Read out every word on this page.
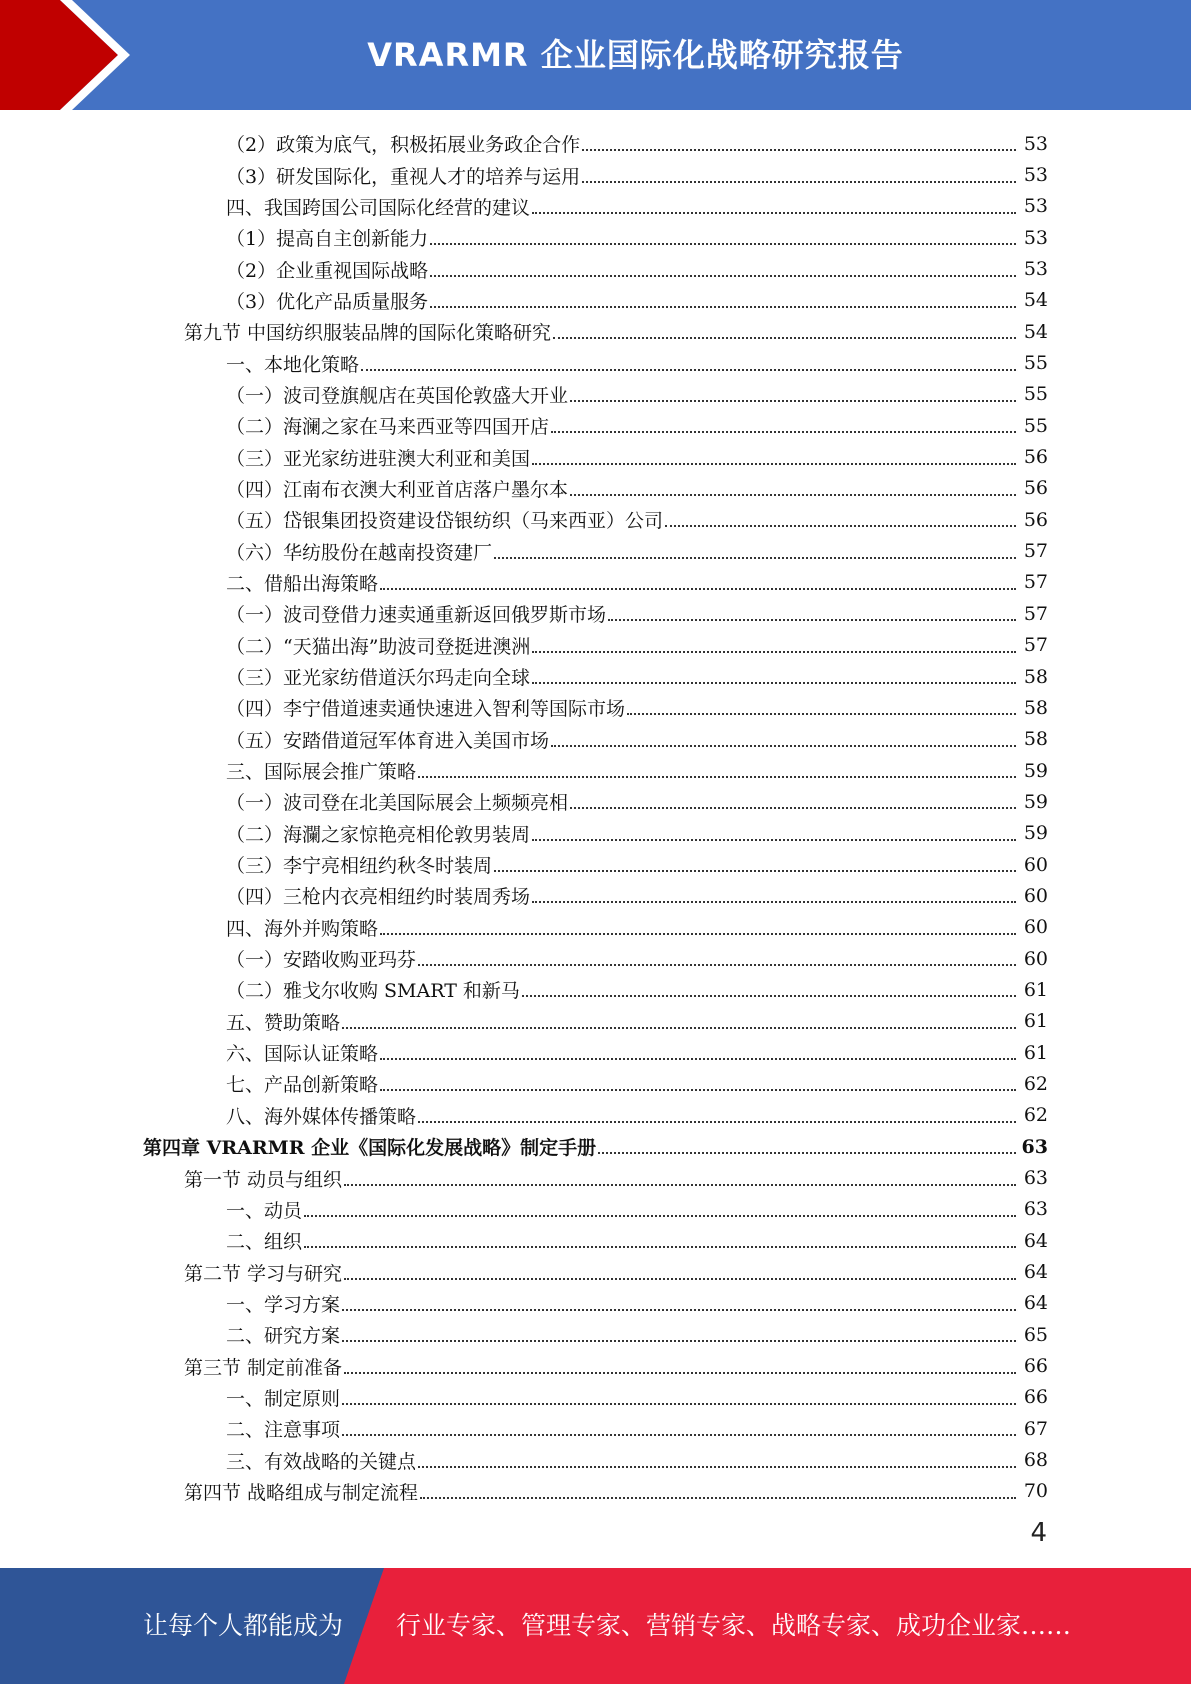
VRARMR 企业国际化战略研究报告
（2）政策为底气，积极拓展业务政企合作	53
（3）研发国际化，重视人才的培养与运用	53
四、我国跨国公司国际化经营的建议	53
（1）提高自主创新能力	53
（2）企业重视国际战略	53
（3）优化产品质量服务	54
第九节 中国纺织服装品牌的国际化策略研究	54
一、本地化策略	55
（一）波司登旗舰店在英国伦敦盛大开业	55
（二）海澜之家在马来西亚等四国开店	55
（三）亚光家纺进驻澳大利亚和美国	56
（四）江南布衣澳大利亚首店落户墨尔本	56
（五）岱银集团投资建设岱银纺织（马来西亚）公司	56
（六）华纺股份在越南投资建厂	57
二、借船出海策略	57
（一）波司登借力速卖通重新返回俄罗斯市场	57
（二）“天猫出海”助波司登挺进澳洲	57
（三）亚光家纺借道沃尔玛走向全球	58
（四）李宁借道速卖通快速进入智利等国际市场	58
（五）安踏借道冠军体育进入美国市场	58
三、国际展会推广策略	59
（一）波司登在北美国际展会上频频亮相	59
（二）海瀾之家惊艳亮相伦敦男装周	59
（三）李宁亮相纽约秋冬时装周	60
（四）三枪内衣亮相纽约时装周秀场	60
四、海外并购策略	60
（一）安踏收购亚玛芬	60
（二）雅戈尔收购 SMART 和新马	61
五、赞助策略	61
六、国际认证策略	61
七、产品创新策略	62
八、海外媒体传播策略	62
第四章 VRARMR 企业《国际化发展战略》制定手册	63
第一节 动员与组织	63
一、动员	63
二、组织	64
第二节 学习与研究	64
一、学习方案	64
二、研究方案	65
第三节 制定前准备	66
一、制定原则	66
二、注意事项	67
三、有效战略的关键点	68
第四节 战略组成与制定流程	70
4
让每个人都能成为 行业专家、管理专家、营销专家、战略专家、成功企业家……
